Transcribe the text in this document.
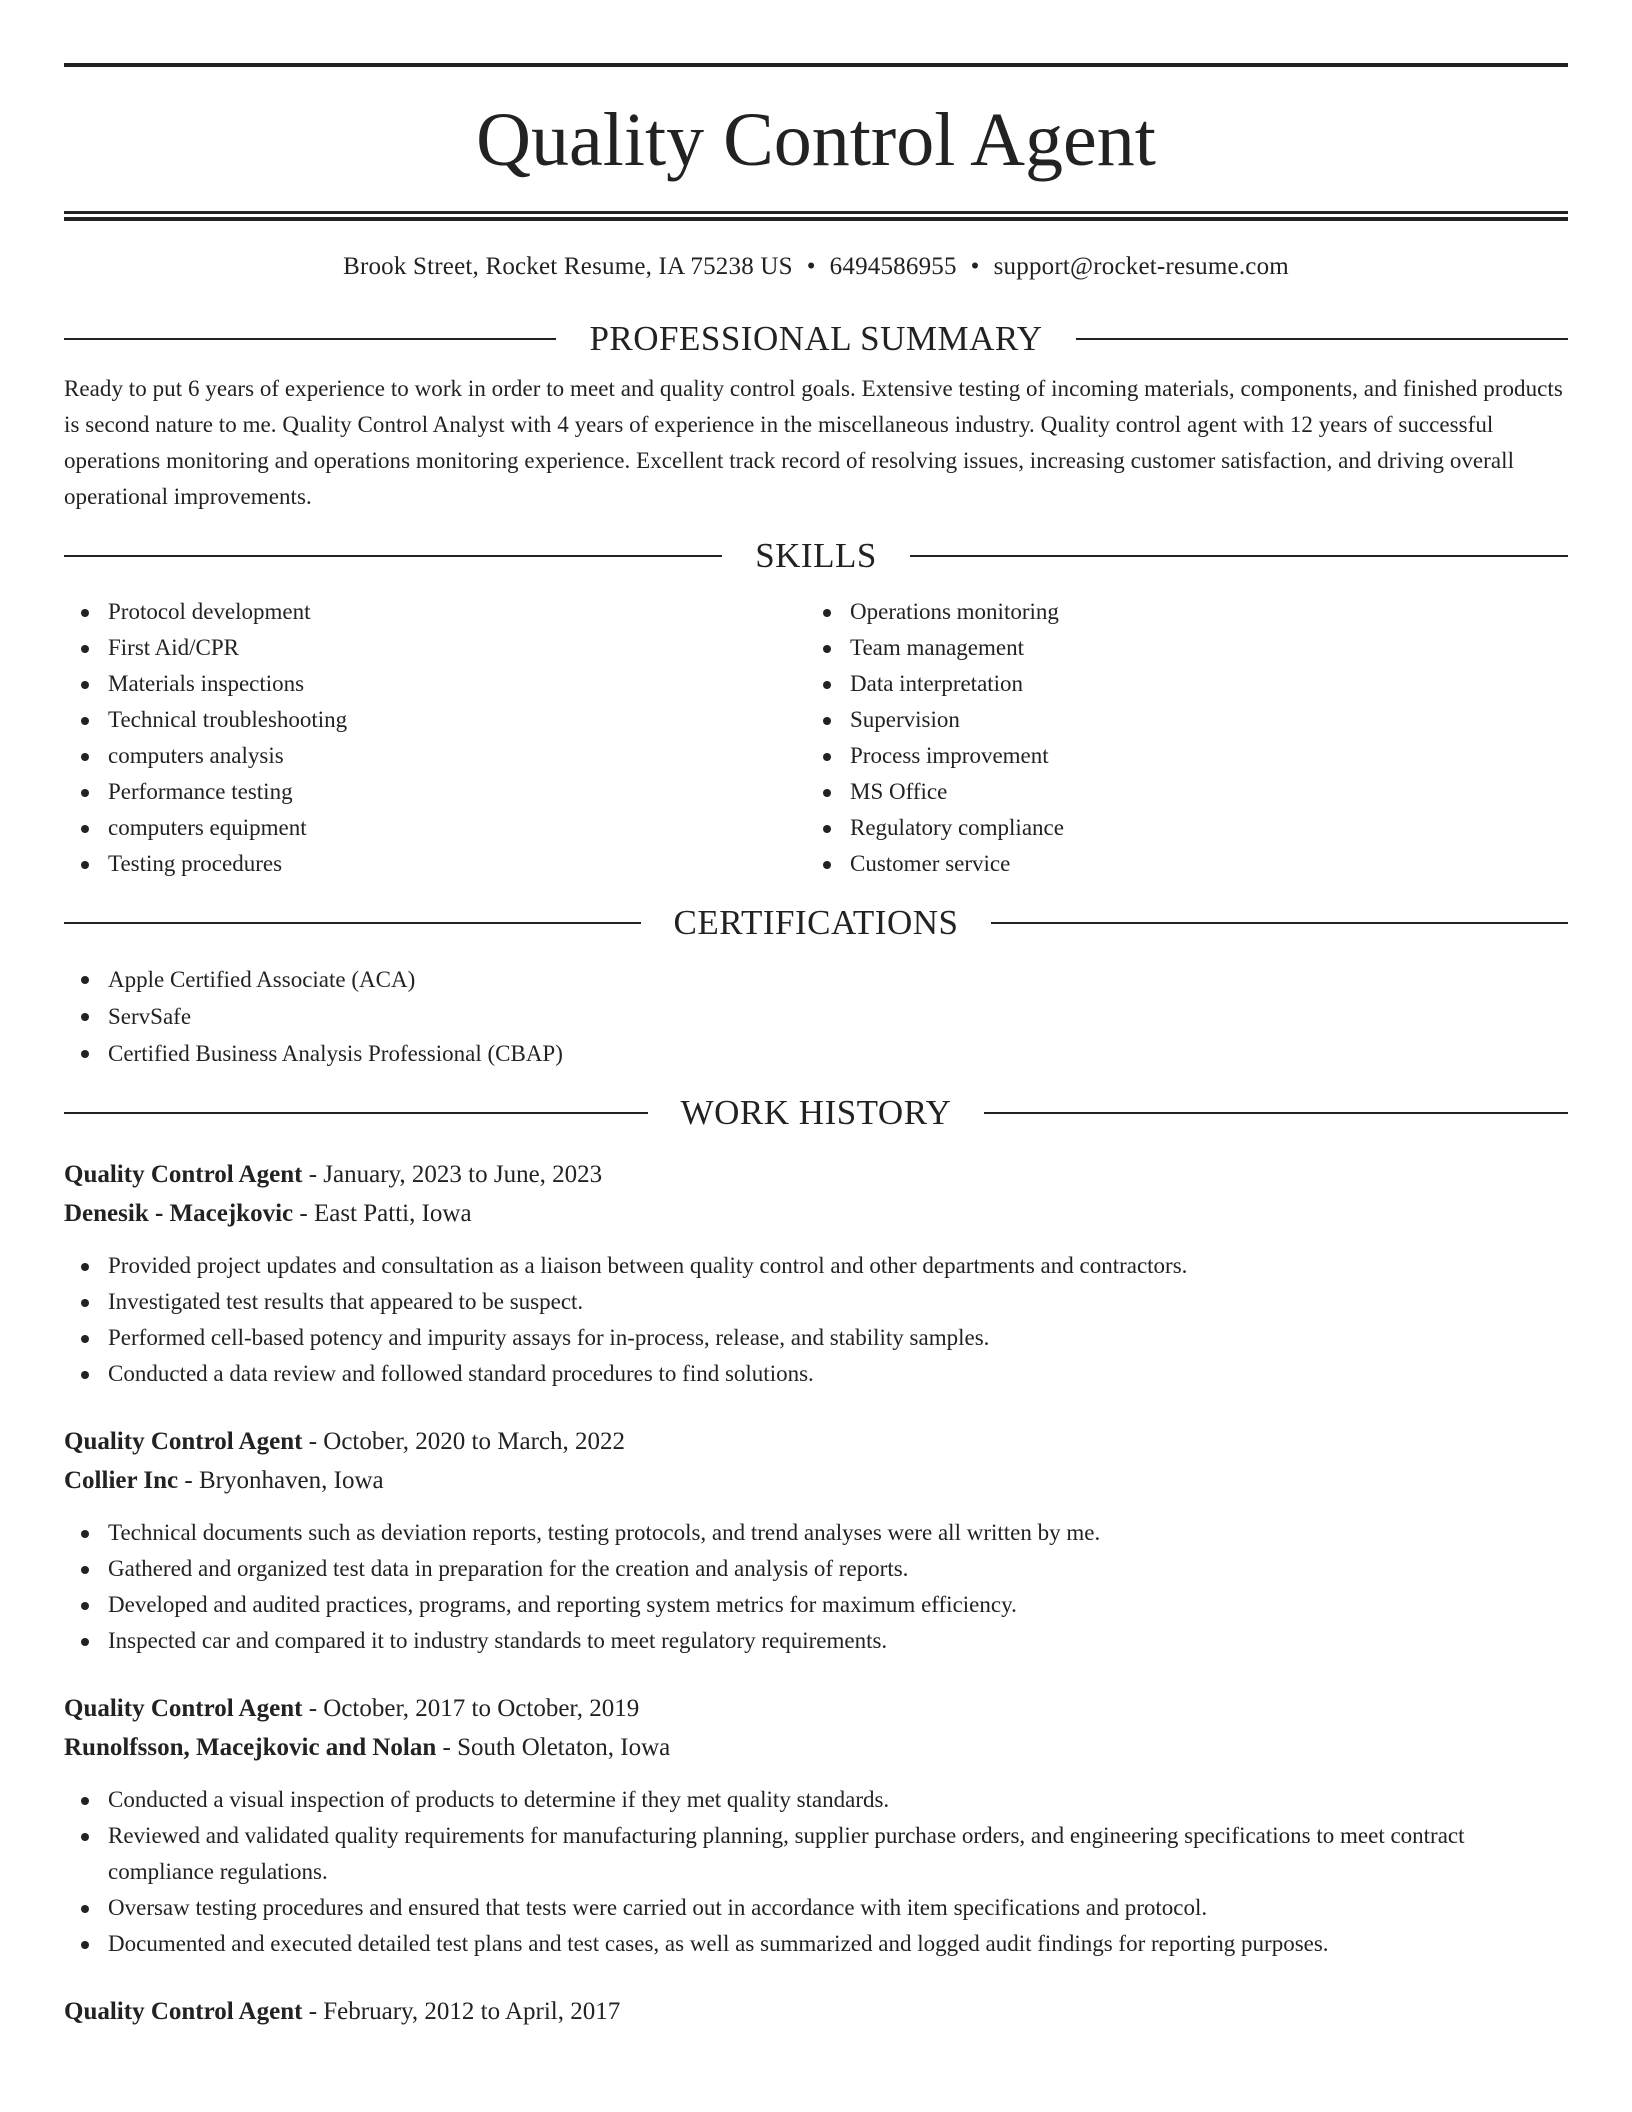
Quality Control Agent
Brook Street, Rocket Resume, IA 75238 US • 6494586955 • support@rocket-resume.com
PROFESSIONAL SUMMARY
Ready to put 6 years of experience to work in order to meet and quality control goals. Extensive testing of incoming materials, components, and finished products is second nature to me. Quality Control Analyst with 4 years of experience in the miscellaneous industry. Quality control agent with 12 years of successful operations monitoring and operations monitoring experience. Excellent track record of resolving issues, increasing customer satisfaction, and driving overall operational improvements.
SKILLS
Protocol development
First Aid/CPR
Materials inspections
Technical troubleshooting
computers analysis
Performance testing
computers equipment
Testing procedures
Operations monitoring
Team management
Data interpretation
Supervision
Process improvement
MS Office
Regulatory compliance
Customer service
CERTIFICATIONS
Apple Certified Associate (ACA)
ServSafe
Certified Business Analysis Professional (CBAP)
WORK HISTORY
Quality Control Agent - January, 2023 to June, 2023
Denesik - Macejkovic - East Patti, Iowa
Provided project updates and consultation as a liaison between quality control and other departments and contractors.
Investigated test results that appeared to be suspect.
Performed cell-based potency and impurity assays for in-process, release, and stability samples.
Conducted a data review and followed standard procedures to find solutions.
Quality Control Agent - October, 2020 to March, 2022
Collier Inc - Bryonhaven, Iowa
Technical documents such as deviation reports, testing protocols, and trend analyses were all written by me.
Gathered and organized test data in preparation for the creation and analysis of reports.
Developed and audited practices, programs, and reporting system metrics for maximum efficiency.
Inspected car and compared it to industry standards to meet regulatory requirements.
Quality Control Agent - October, 2017 to October, 2019
Runolfsson, Macejkovic and Nolan - South Oletaton, Iowa
Conducted a visual inspection of products to determine if they met quality standards.
Reviewed and validated quality requirements for manufacturing planning, supplier purchase orders, and engineering specifications to meet contract compliance regulations.
Oversaw testing procedures and ensured that tests were carried out in accordance with item specifications and protocol.
Documented and executed detailed test plans and test cases, as well as summarized and logged audit findings for reporting purposes.
Quality Control Agent - February, 2012 to April, 2017
